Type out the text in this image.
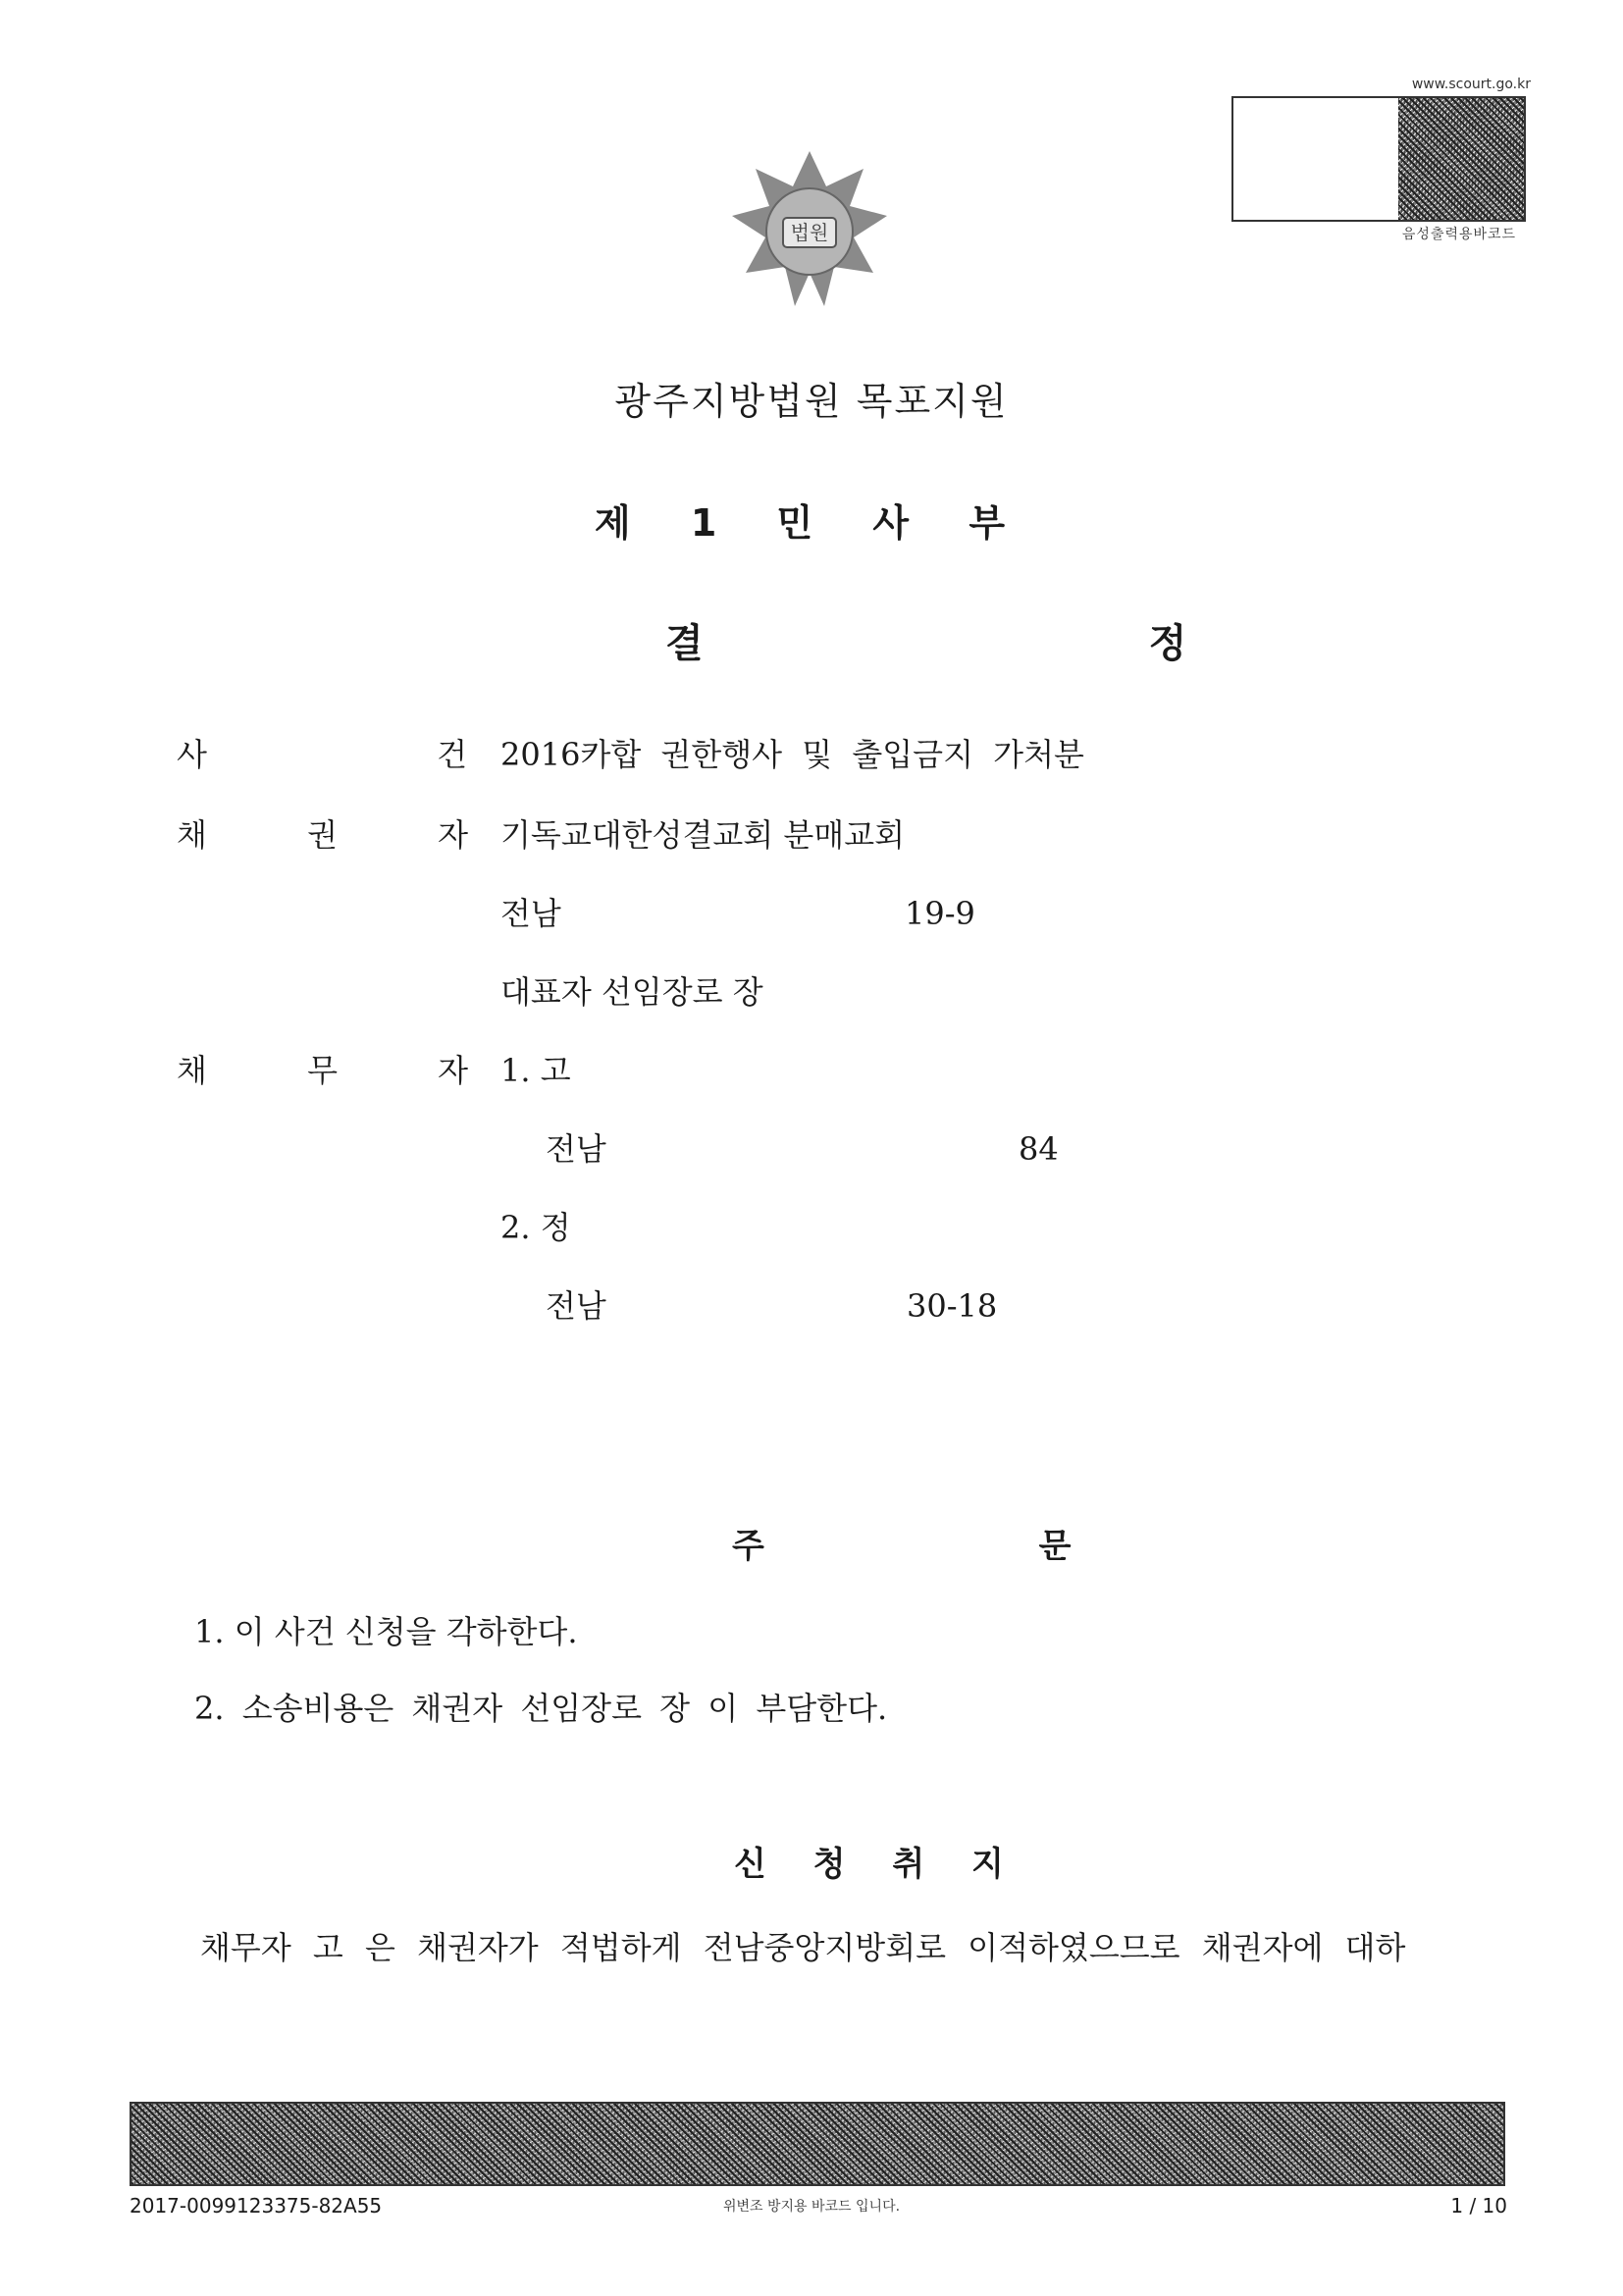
법원
www.scourt.go.kr
음성출력용바코드
광주지방법원 목포지원
제 1 민 사 부
결 정
사 건
2016카합 권한행사 및 출입금지 가처분
채 권 자
기독교대한성결교회 분매교회
전남 19-9
대표자 선임장로 장
채 무 자
1. 고
전남 84
2. 정
전남 30-18
주 문
1. 이 사건 신청을 각하한다.
2. 소송비용은 채권자 선임장로 장 이 부담한다.
신 청 취 지
채무자 고 은 채권자가 적법하게 전남중앙지방회로 이적하였으므로 채권자에 대하
2017-0099123375-82A55	위변조 방지용 바코드 입니다.	1 / 10
